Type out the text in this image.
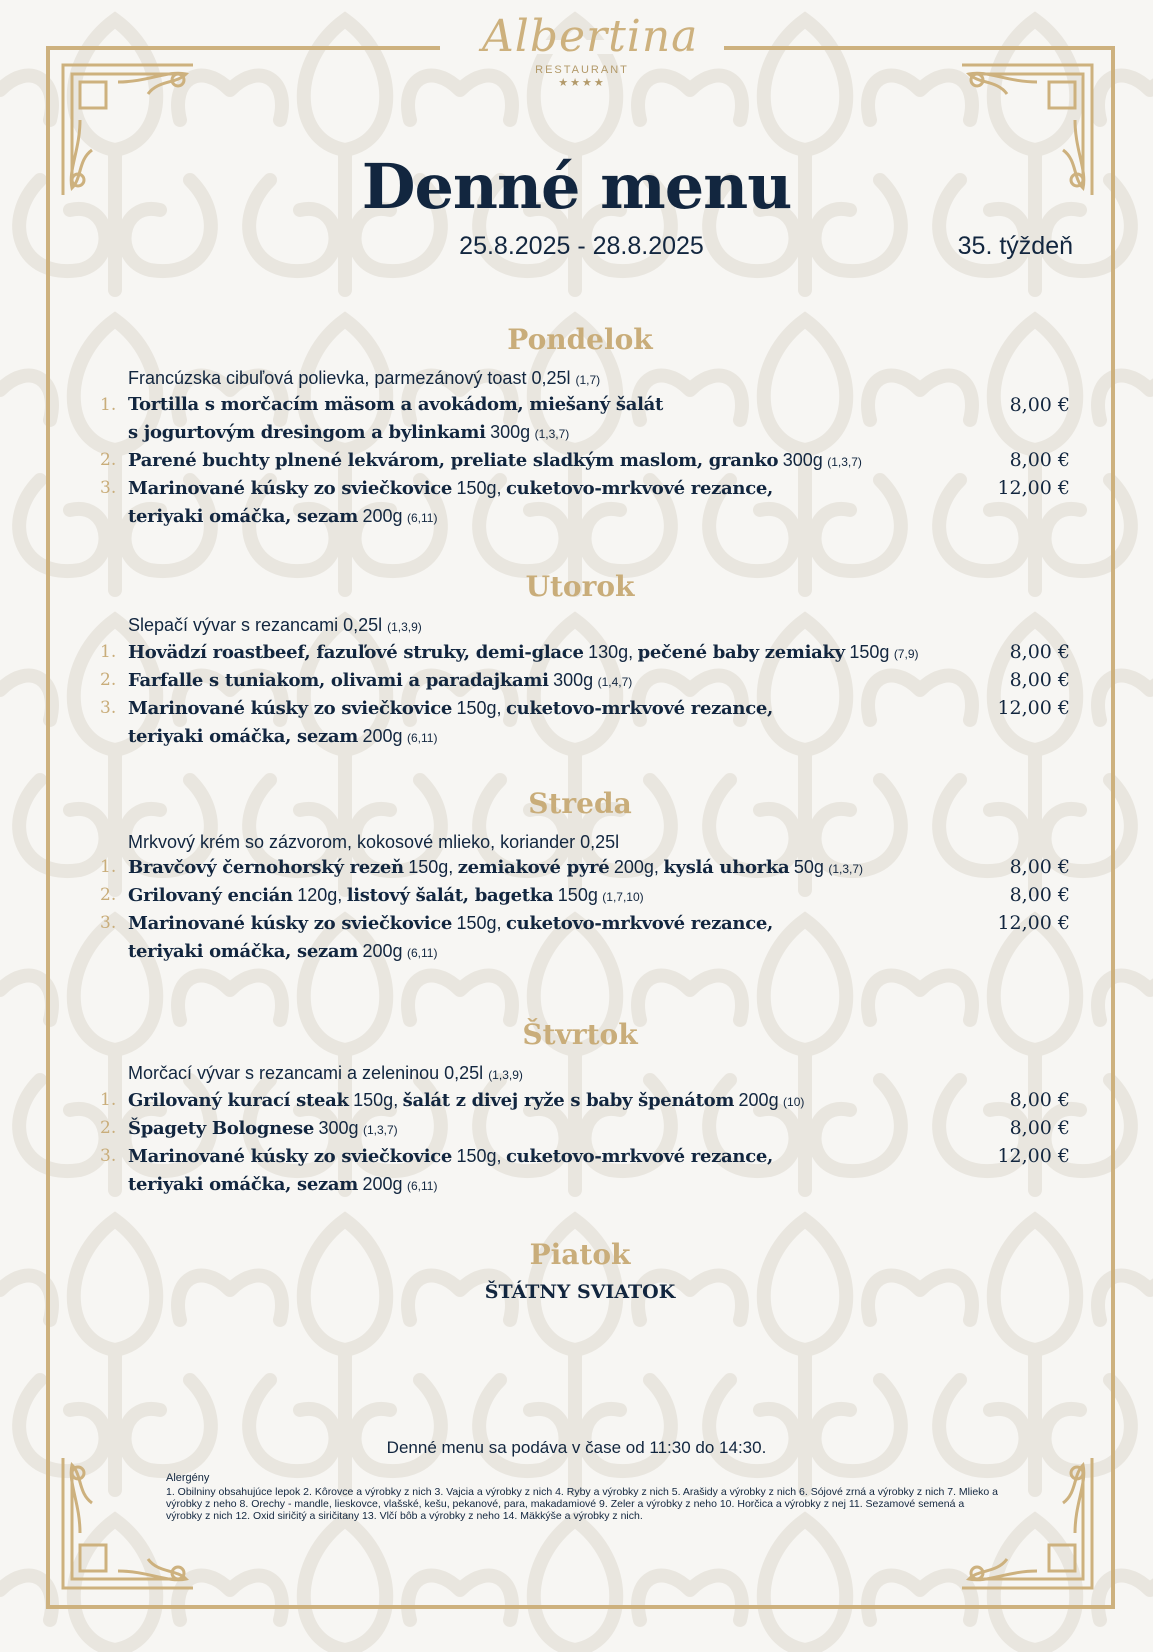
Albertina
RESTAURANT
★★★★
Denné menu
25.8.2025 - 28.8.2025	35. týždeň
Pondelok
Francúzska cibuľová polievka, parmezánový toast 0,25l (1,7)
1. Tortilla s morčacím mäsom a avokádom, miešaný šalát
s jogurtovým dresingom a bylinkami 300g (1,3,7)
8,00 €
2. Parené buchty plnené lekvárom, preliate sladkým maslom, granko 300g (1,3,7)	8,00 €
3. Marinované kúsky zo sviečkovice 150g, cuketovo-mrkvové rezance,
teriyaki omáčka, sezam 200g (6,11)
12,00 €
Utorok
Slepačí vývar s rezancami 0,25l (1,3,9)
1. Hovädzí roastbeef, fazuľové struky, demi-glace 130g, pečené baby zemiaky 150g (7,9)	8,00 €
2. Farfalle s tuniakom, olivami a paradajkami 300g (1,4,7)	8,00 €
3. Marinované kúsky zo sviečkovice 150g, cuketovo-mrkvové rezance,
teriyaki omáčka, sezam 200g (6,11)
12,00 €
Streda
Mrkvový krém so zázvorom, kokosové mlieko, koriander 0,25l
1. Bravčový černohorský rezeň 150g, zemiakové pyré 200g, kyslá uhorka 50g (1,3,7)	8,00 €
2. Grilovaný encián 120g, listový šalát, bagetka 150g (1,7,10)	8,00 €
3. Marinované kúsky zo sviečkovice 150g, cuketovo-mrkvové rezance,
teriyaki omáčka, sezam 200g (6,11)
12,00 €
Štvrtok
Morčací vývar s rezancami a zeleninou 0,25l (1,3,9)
1. Grilovaný kurací steak 150g, šalát z divej ryže s baby špenátom 200g (10)	8,00 €
2. Špagety Bolognese 300g (1,3,7)	8,00 €
3. Marinované kúsky zo sviečkovice 150g, cuketovo-mrkvové rezance,
teriyaki omáčka, sezam 200g (6,11)
12,00 €
Piatok
ŠTÁTNY SVIATOK
Denné menu sa podáva v čase od 11:30 do 14:30.
Alergény
1. Obilniny obsahujúce lepok 2. Kôrovce a výrobky z nich 3. Vajcia a výrobky z nich 4. Ryby a výrobky z nich 5. Arašidy a výrobky z nich 6. Sójové zrná a výrobky z nich 7. Mlieko a výrobky z neho 8. Orechy - mandle, lieskovce, vlašské, kešu, pekanové, para, makadamiové 9. Zeler a výrobky z neho 10. Horčica a výrobky z nej 11. Sezamové semená a výrobky z nich 12. Oxid siričitý a siričitany 13. Vlčí bôb a výrobky z neho 14. Mäkkýše a výrobky z nich.
